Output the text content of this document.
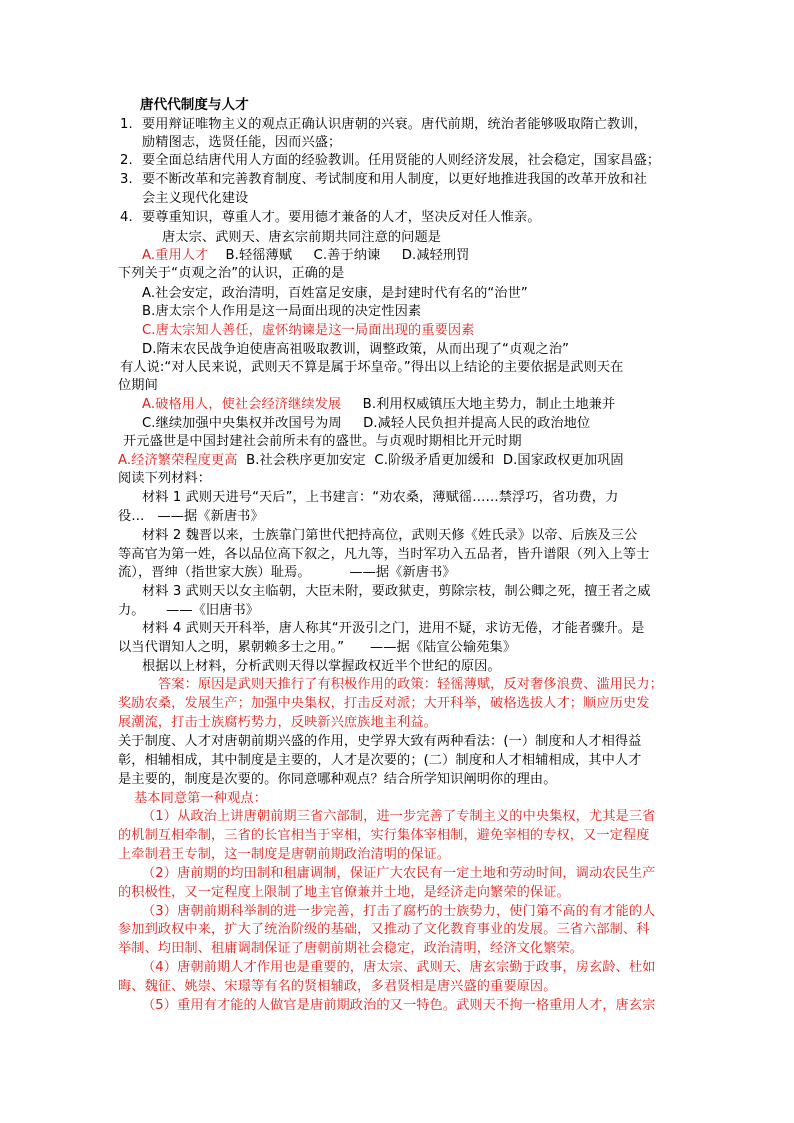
唐代代制度与人才
1. 要用辩证唯物主义的观点正确认识唐朝的兴衰。唐代前期，统治者能够吸取隋亡教训，
励精图志，选贤任能，因而兴盛；
2. 要全面总结唐代用人方面的经验教训。任用贤能的人则经济发展，社会稳定，国家昌盛；
3. 要不断改革和完善教育制度、考试制度和用人制度，以更好地推进我国的改革开放和社
会主义现代化建设
4. 要尊重知识，尊重人才。要用德才兼备的人才，坚决反对任人惟亲。
唐太宗、武则天、唐玄宗前期共同注意的问题是
A.重用人才    B.轻徭薄赋     C.善于纳谏     D.减轻刑罚
下列关于“贞观之治”的认识，正确的是
A.社会安定，政治清明，百姓富足安康，是封建时代有名的“治世”
B.唐太宗个人作用是这一局面出现的决定性因素
C.唐太宗知人善任，虚怀纳谏是这一局面出现的重要因素
D.隋末农民战争迫使唐高祖吸取教训，调整政策，从而出现了“贞观之治”
有人说:“对人民来说，武则天不算是属于坏皇帝。”得出以上结论的主要依据是武则天在
位期间
A.破格用人，使社会经济继续发展     B.利用权威镇压大地主势力，制止土地兼并
C.继续加强中央集权并改国号为周     D.减轻人民负担并提高人民的政治地位
开元盛世是中国封建社会前所未有的盛世。与贞观时期相比开元时期
A.经济繁荣程度更高  B.社会秩序更加安定  C.阶级矛盾更加缓和  D.国家政权更加巩固
阅读下列材料：
材料 1 武则天进号“天后”，上书建言：“劝农桑，薄赋徭……禁浮巧，省功费，力
役…   ——据《新唐书》
材料 2 魏晋以来，士族靠门第世代把持高位，武则天修《姓氏录》以帝、后族及三公
等高官为第一姓，各以品位高下叙之，凡九等，当时军功入五品者，皆升谱限（列入上等士
流），晋绅（指世家大族）耻焉。         ——据《新唐书》
材料 3 武则天以女主临朝，大臣未附，要政狱吏，剪除宗枝，制公卿之死，擅王者之威
力。     ——《旧唐书》
材料 4 武则天开科举，唐人称其“开汲引之门，进用不疑，求访无倦，才能者骤升。是
以当代谓知人之明，累朝赖多士之用。”      ——据《陆宣公输苑集》
根据以上材料，分析武则天得以掌握政权近半个世纪的原因。
答案：原因是武则天推行了有积极作用的政策：轻徭薄赋，反对奢侈浪费、滥用民力；
奖励农桑，发展生产；加强中央集权，打击反对派；大开科举，破格选拔人才；顺应历史发
展潮流，打击士族腐朽势力，反映新兴庶族地主利益。
关于制度、人才对唐朝前期兴盛的作用，史学界大致有两种看法：(一）制度和人才相得益
彰，相辅相成，其中制度是主要的，人才是次要的；(二）制度和人才相辅相成，其中人才
是主要的，制度是次要的。你同意哪种观点？结合所学知识阐明你的理由。
基本同意第一种观点：
（1）从政治上讲唐朝前期三省六部制，进一步完善了专制主义的中央集权，尤其是三省
的机制互相牵制，三省的长官相当于宰相，实行集体宰相制，避免宰相的专权，又一定程度
上牵制君王专制，这一制度是唐朝前期政治清明的保证。
（2）唐前期的均田制和租庸调制，保证广大农民有一定土地和劳动时间，调动农民生产
的积极性，又一定程度上限制了地主官僚兼并土地，是经济走向繁荣的保证。
（3）唐朝前期科举制的进一步完善，打击了腐朽的士族势力，使门第不高的有才能的人
参加到政权中来，扩大了统治阶级的基础，又推动了文化教育事业的发展。三省六部制、科
举制、均田制、租庸调制保证了唐朝前期社会稳定，政治清明，经济文化繁荣。
（4）唐朝前期人才作用也是重要的，唐太宗、武则天、唐玄宗勤于政事，房玄龄、杜如
晦、魏征、姚崇、宋璟等有名的贤相辅政，多君贤相是唐兴盛的重要原因。
（5）重用有才能的人做官是唐前期政治的又一特色。武则天不拘一格重用人才，唐玄宗
